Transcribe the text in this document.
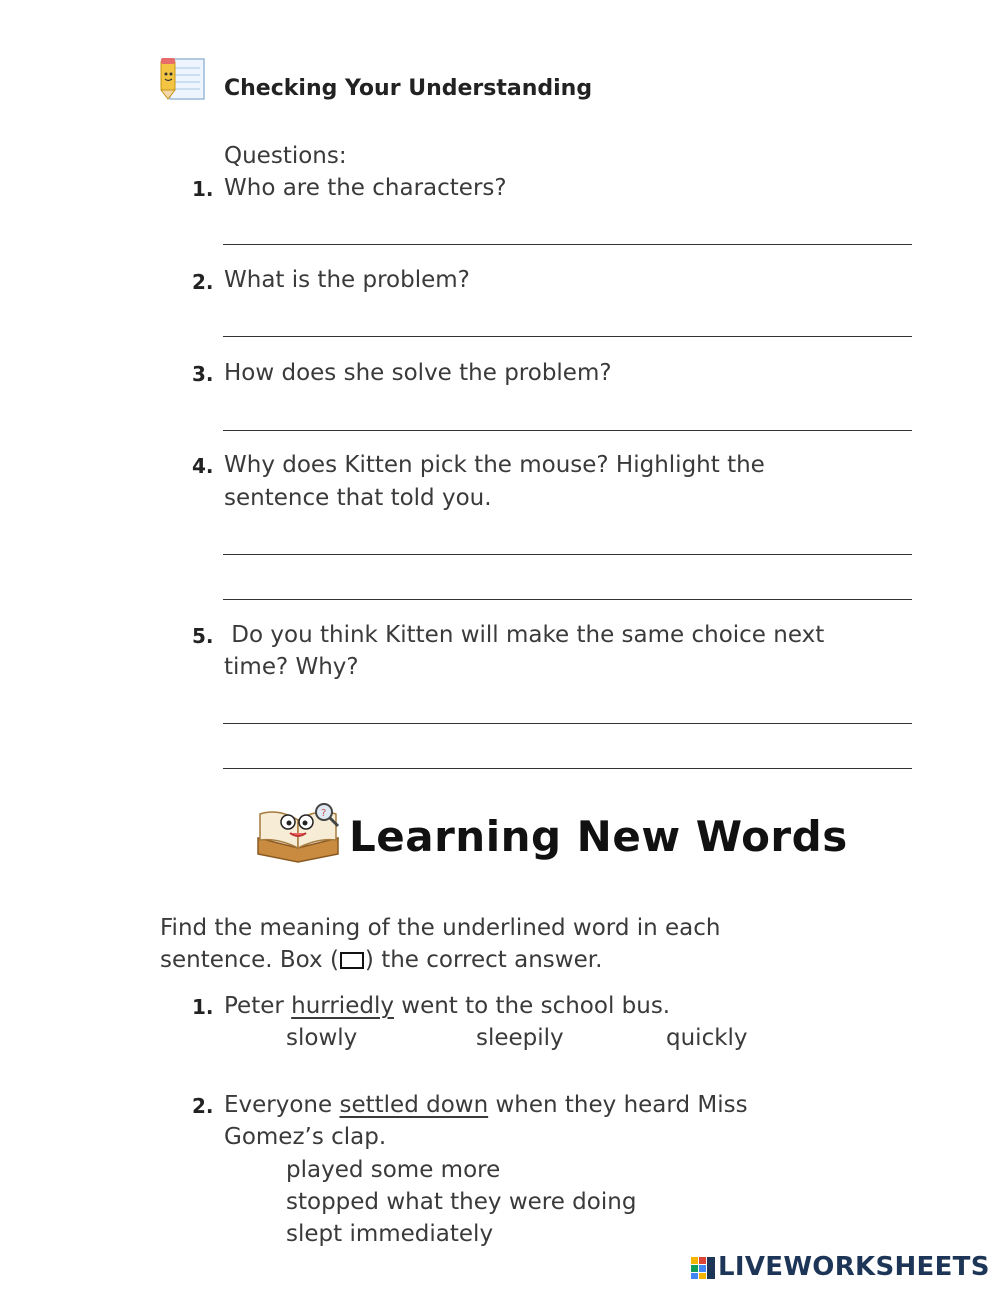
Checking Your Understanding
Questions:
1. Who are the characters?
2. What is the problem?
3. How does she solve the problem?
4. Why does Kitten pick the mouse? Highlight the
sentence that told you.
5. Do you think Kitten will make the same choice next
time? Why?
? Learning New Words
Find the meaning of the underlined word in each
sentence. Box ( ) the correct answer.
1. Peter hurriedly went to the school bus.
slowly	sleepily	quickly
2. Everyone settled down when they heard Miss
Gomez’s clap.
played some more
stopped what they were doing
slept immediately
LIVEWORKSHEETS
